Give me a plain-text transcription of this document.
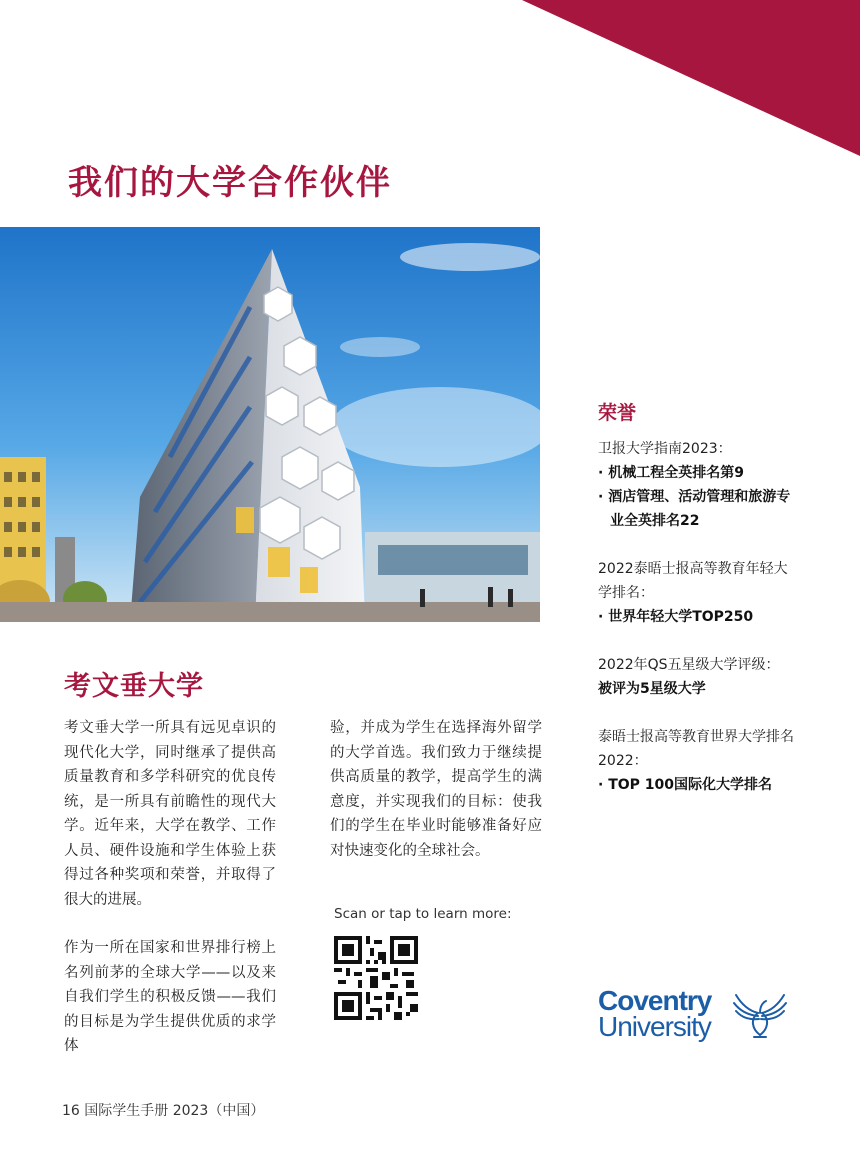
我们的大学合作伙伴
考文垂大学

考文垂大学一所具有远见卓识的现代化大学，同时继承了提供高质量教育和多学科研究的优良传统，是一所具有前瞻性的现代大学。近年来，大学在教学、工作人员、硬件设施和学生体验上获得过各种奖项和荣誉，并取得了很大的进展。

作为一所在国家和世界排行榜上名列前茅的全球大学——以及来自我们学生的积极反馈——我们的目标是为学生提供优质的求学体

验，并成为学生在选择海外留学的大学首选。我们致力于继续提供高质量的教学，提高学生的满意度，并实现我们的目标：使我们的学生在毕业时能够准备好应对快速变化的全球社会。

Scan or tap to learn more:
荣誉
卫报大学指南2023：
· 机械工程全英排名第9
· 酒店管理、活动管理和旅游专业全英排名22
2022泰晤士报高等教育年轻大学排名：
· 世界年轻大学TOP250
2022年QS五星级大学评级：
被评为5星级大学
泰晤士报高等教育世界大学排名2022：
· TOP 100国际化大学排名
Coventry
University
16 国际学生手册 2023（中国）
